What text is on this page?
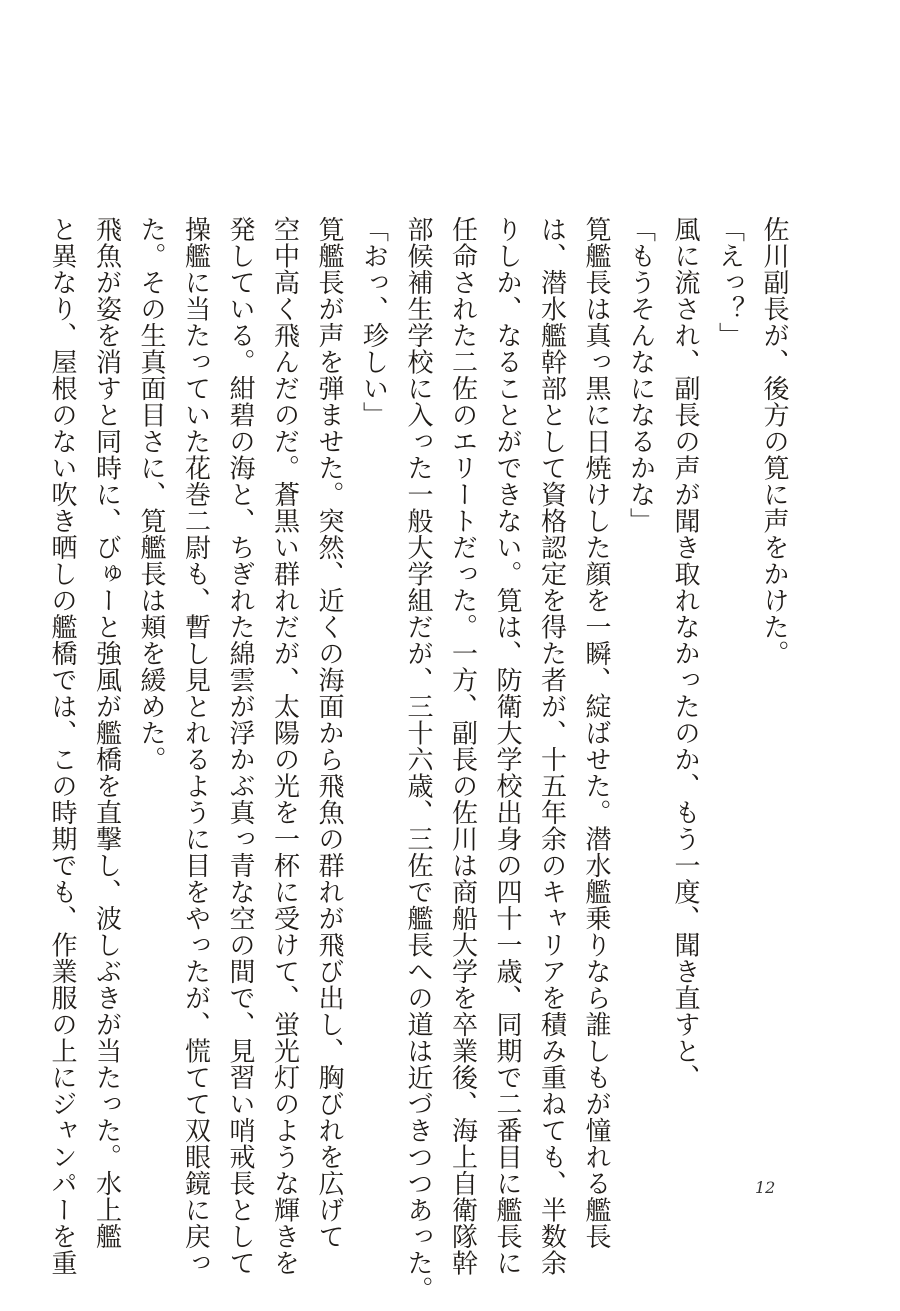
佐川副長が、後方の筧に声をかけた。
「えっ？」
風に流され、副長の声が聞き取れなかったのか、もう一度、聞き直すと、
「もうそんなになるかな」
筧艦長は真っ黒に日焼けした顔を一瞬、綻ばせた。潜水艦乗りなら誰しもが憧れる艦長
は、潜水艦幹部として資格認定を得た者が、十五年余のキャリアを積み重ねても、半数余
りしか、なることができない。筧は、防衛大学校出身の四十一歳、同期で二番目に艦長に
任命された二佐のエリートだった。一方、副長の佐川は商船大学を卒業後、海上自衛隊幹
部候補生学校に入った一般大学組だが、三十六歳、三佐で艦長への道は近づきつつあった。
「おっ、珍しい」
筧艦長が声を弾ませた。突然、近くの海面から飛魚の群れが飛び出し、胸びれを広げて
空中高く飛んだのだ。蒼黒い群れだが、太陽の光を一杯に受けて、蛍光灯のような輝きを
発している。紺碧の海と、ちぎれた綿雲が浮かぶ真っ青な空の間で、見習い哨戒長として
操艦に当たっていた花巻二尉も、暫し見とれるように目をやったが、慌てて双眼鏡に戻っ
た。その生真面目さに、筧艦長は頬を緩めた。
飛魚が姿を消すと同時に、びゅーと強風が艦橋を直撃し、波しぶきが当たった。水上艦
と異なり、屋根のない吹き晒しの艦橋では、この時期でも、作業服の上にジャンパーを重	12
